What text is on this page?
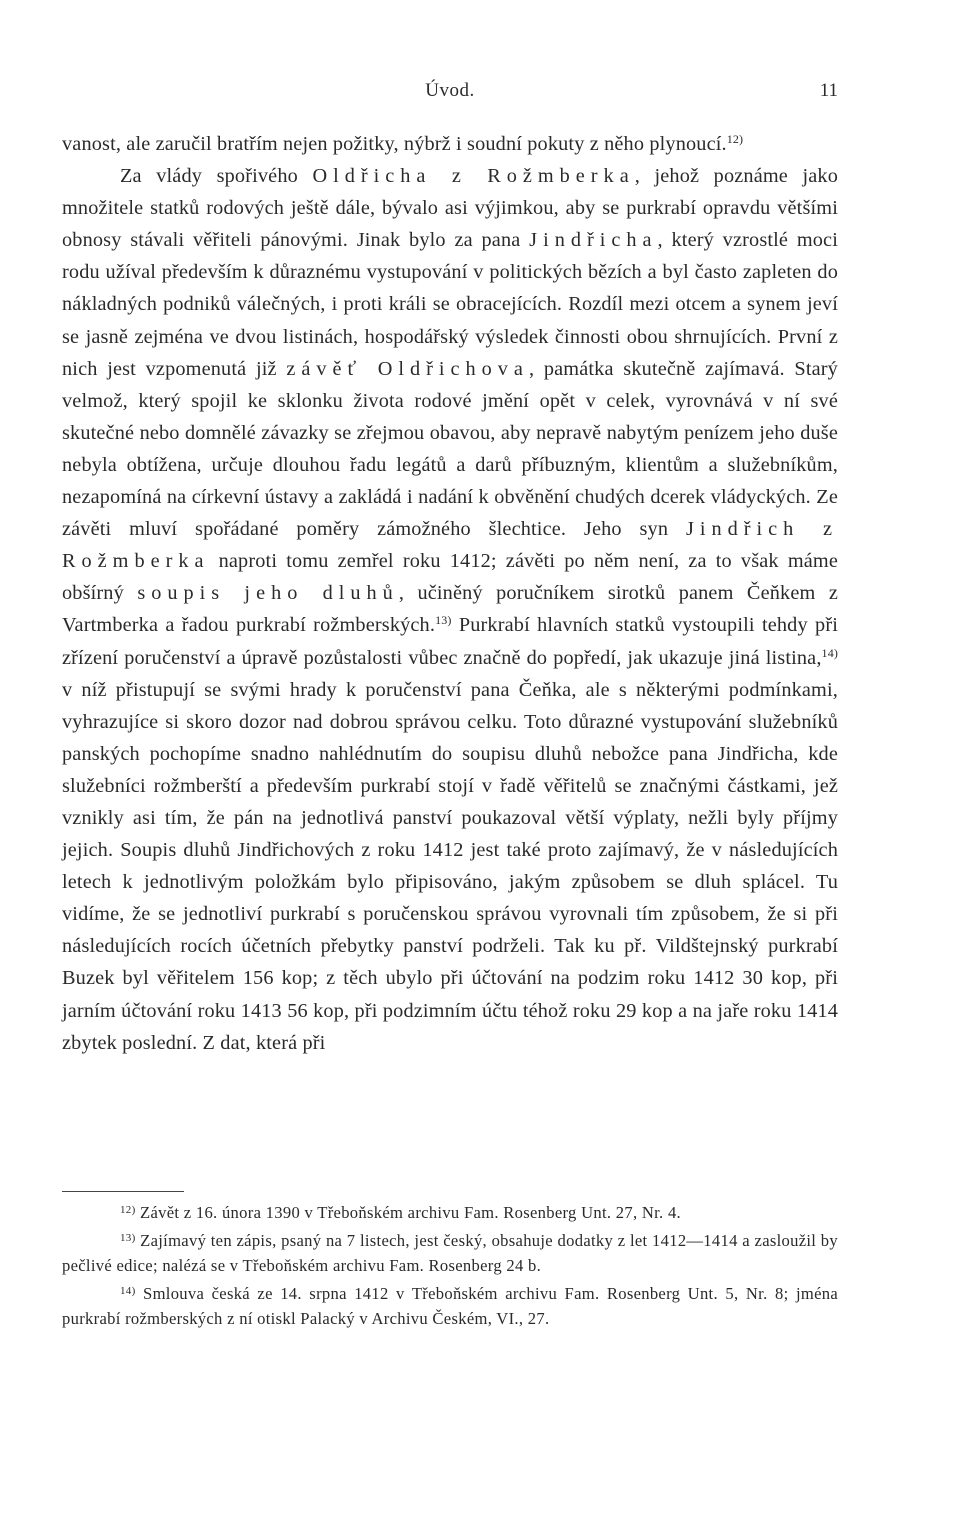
Úvod.	11

vanost, ale zaručil bratřím nejen požitky, nýbrž i soudní pokuty z něho plynoucí.$^{12)}$

Za vlády spořivého Oldřicha z Rožmberka, jehož poznáme jako množitele statků rodových ještě dále, bývalo asi výjimkou, aby se purkrabí opravdu většími obnosy stávali věřiteli pánovými. Jinak bylo za pana Jindřicha, který vzrostlé moci rodu užíval především k důraznému vystupování v politických bězích a byl často zapleten do nákladných podniků válečných, i proti králi se obracejících. Rozdíl mezi otcem a synem jeví se jasně zejména ve dvou listinách, hospodářský výsledek činnosti obou shrnujících. První z nich jest vzpomenutá již závěť Oldřichova, památka skutečně zajímavá. Starý velmož, který spojil ke sklonku života rodové jmění opět v celek, vyrovnává v ní své skutečné nebo domnělé závazky se zřejmou obavou, aby nepravě nabytým penízem jeho duše nebyla obtížena, určuje dlouhou řadu legátů a darů příbuzným, klientům a služebníkům, nezapomíná na církevní ústavy a zakládá i nadání k obvěnění chudých dcerek vládyckých. Ze závěti mluví spořádané poměry zámožného šlechtice. Jeho syn Jindřich z Rožmberka naproti tomu zemřel roku 1412; závěti po něm není, za to však máme obšírný soupis jeho dluhů, učiněný poručníkem sirotků panem Čeňkem z Vartmberka a řadou purkrabí rožmberských.$^{13)}$ Purkrabí hlavních statků vystoupili tehdy při zřízení poručenství a úpravě pozůstalosti vůbec značně do popředí, jak ukazuje jiná listina,$^{14)}$ v níž přistupují se svými hrady k poručenství pana Čeňka, ale s některými podmínkami, vyhrazujíce si skoro dozor nad dobrou správou celku. Toto důrazné vystupování služebníků panských pochopíme snadno nahlédnutím do soupisu dluhů nebožce pana Jindřicha, kde služebníci rožmberští a především purkrabí stojí v řadě věřitelů se značnými částkami, jež vznikly asi tím, že pán na jednotlivá panství poukazoval větší výplaty, nežli byly příjmy jejich. Soupis dluhů Jindřichových z roku 1412 jest také proto zajímavý, že v následujících letech k jednotlivým položkám bylo připisováno, jakým způsobem se dluh splácel. Tu vidíme, že se jednotliví purkrabí s poručenskou správou vyrovnali tím způsobem, že si při následujících rocích účetních přebytky panství podrželi. Tak ku př. Vildštejnský purkrabí Buzek byl věřitelem 156 kop; z těch ubylo při účtování na podzim roku 1412 30 kop, při jarním účtování roku 1413 56 kop, při podzimním účtu téhož roku 29 kop a na jaře roku 1414 zbytek poslední. Z dat, která při

$^{12)}$ Závět z 16. února 1390 v Třeboňském archivu Fam. Rosenberg Unt. 27, Nr. 4.

$^{13)}$ Zajímavý ten zápis, psaný na 7 listech, jest český, obsahuje dodatky z let 1412—1414 a zasloužil by pečlivé edice; nalézá se v Třeboňském archivu Fam. Rosenberg 24 b.

$^{14)}$ Smlouva česká ze 14. srpna 1412 v Třeboňském archivu Fam. Rosenberg Unt. 5, Nr. 8; jména purkrabí rožmberských z ní otiskl Palacký v Archivu Českém, VI., 27.
